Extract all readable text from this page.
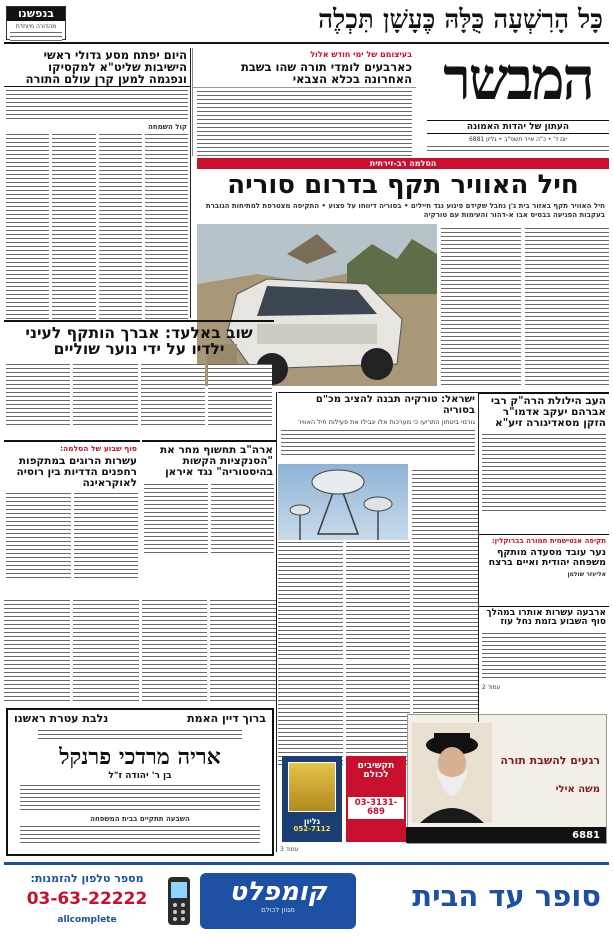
בנפשנו
מהדורה מיוחדת	כָּל הָרִשְׁעָה כֻּלָּהּ כֶּעָשָׁן תִּכְלֶה
המבשר
העתון של יהדות האמונה
יום ד' • כ"ה אייר תשפ"ב • גליון 6881
בעיצומם של ימי חודש אלול
כארבעים לומדי תורה שהו בשבת האחרונה בכלא הצבאי
היום יפתח מסע גדולי ראשי הישיבות שליט"א למקסיקו ונפגמה למען קרן עולם התורה
קול השמחה
הסלמה רב-זירתית
חיל האוויר תקף בדרום סוריה
חיל האוויר תקף באזור בית ג'ן נחבל שקידם פיגוע נגד חיילים • בסוריה דיווחו על פצוע • התקיפה מצטרפת למתיחות הגוברת בעקבות הפגיעה בבסיס אבו א-דהור והעימות עם טורקיה
שוב באלעד: אברך הותקף לעיני ילדיו על ידי נוער שוליים
ישראל: טורקיה תבנה להציב מכ"ם בסוריה
גורמי ביטחון התריעו כי מערכות אלו יגבילו את פעילות חיל האוויר
העב הילולת הרה"ק רבי אברהם יעקב אדמו"ר הזקן מסאדיגורה זיע"א
ארה"ב תחשוף מחר את "הסנקציות הקשות בהיסטוריה" נגד איראן
סוף שבוע של הסלמה:
עשרות הרוגים במתקפות רחפנים הדדיות בין רוסיה לאוקראינה
תקיפה אנטישמית חמורה בברוקלין:
נער עובד מסעדה מותקף משפחה יהודית ואיים ברצח
אליעזר שולמן
ארבעה עשרות אותרו במהלך סוף השבוע בזמת נחל עוז
עמוד 2
ברוך דיין האמת
נלבת עטרת ראשנו
אריה מרדכי פרנקל
בן ר' יהודה ז"ל
השבעה תתקיים בבית המשפחה
רגעים להשבת תורה
משה אילי
6881
תקשיבים לכולם
03-3131-689
גליון
052-7112
עמוד 3
סופר עד הבית
קומפלט
מגוון לכולם
מספר טלפון להזמנות:
03-63-22222
allcomplete
